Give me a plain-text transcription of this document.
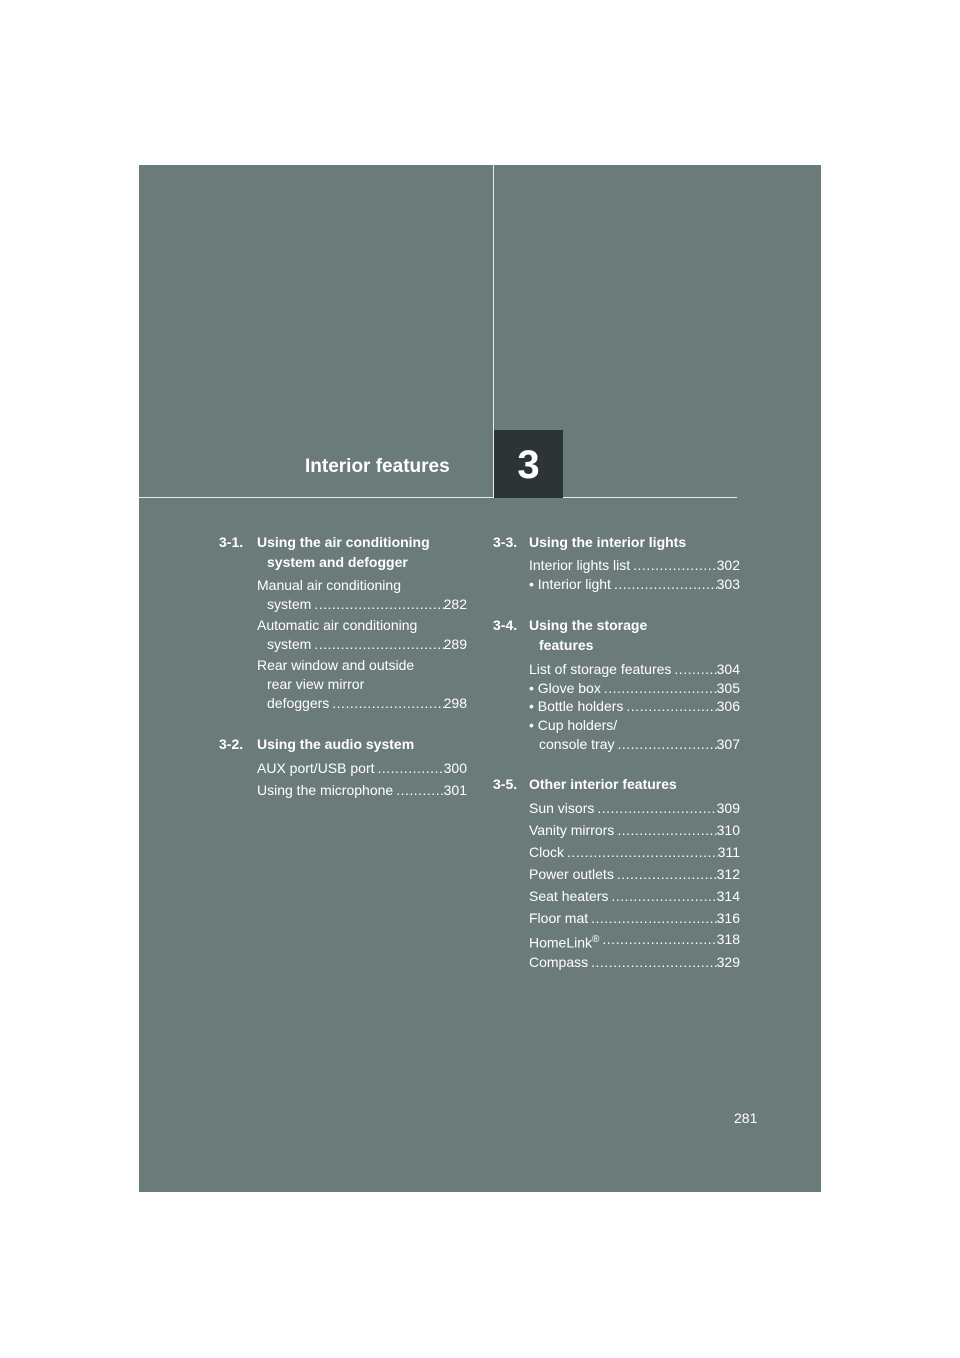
Interior features	3
3-1. Using the air conditioning
system and defogger
Manual air conditioning
system .....	282
Automatic air conditioning
system .....	289
Rear window and outside
rear view mirror
defoggers .....	298
3-2. Using the audio system
AUX port/USB port .....	300
Using the microphone .....	301
3-3. Using the interior lights
Interior lights list .....	302
• Interior light .....	303
3-4. Using the storage
features
List of storage features .....	304
• Glove box .....	305
• Bottle holders .....	306
• Cup holders/
console tray .....	307
3-5. Other interior features
Sun visors .....	309
Vanity mirrors .....	310
Clock .....	311
Power outlets .....	312
Seat heaters .....	314
Floor mat .....	316
HomeLink® .....	318
Compass .....	329
281
